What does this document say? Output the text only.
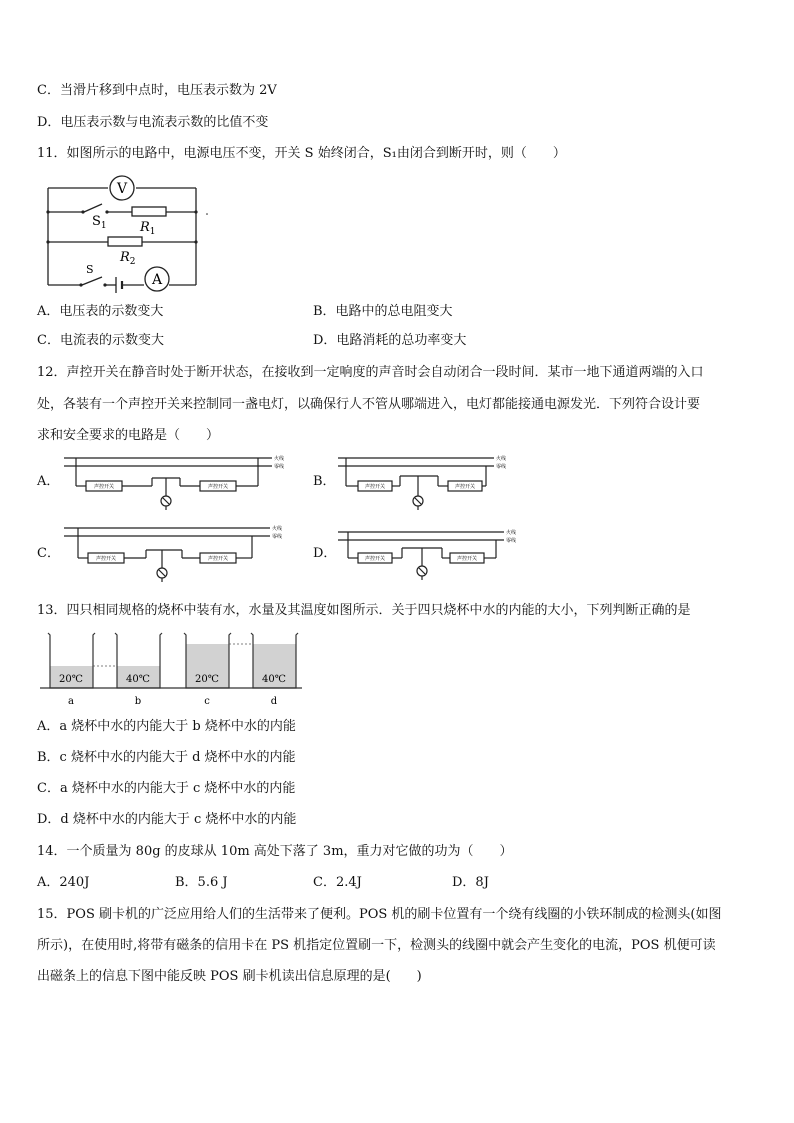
C．当滑片移到中点时，电压表示数为 2V
D．电压表示数与电流表示数的比值不变
11．如图所示的电路中，电源电压不变，开关 S 始终闭合，S₁由闭合到断开时，则（　　）
V
A
$S_1$	$R_1$
$R_2$
S
A．电压表的示数变大	B．电路中的总电阻变大
C．电流表的示数变大	D．电路消耗的总功率变大
12．声控开关在静音时处于断开状态，在接收到一定响度的声音时会自动闭合一段时间．某市一地下通道两端的入口
处，各装有一个声控开关来控制同一盏电灯，以确保行人不管从哪端进入，电灯都能接通电源发光．下列符合设计要
求和安全要求的电路是（　　）
A．
火线
零线
声控开关	声控开关	B．
火线
零线
声控开关	声控开关
C．
火线
零线
声控开关	声控开关	D．
火线
零线
声控开关	声控开关
13．四只相同规格的烧杯中装有水，水量及其温度如图所示．关于四只烧杯中水的内能的大小，下列判断正确的是
20℃	40℃	20℃	40℃
a	b	c	d
A．a 烧杯中水的内能大于 b 烧杯中水的内能
B．c 烧杯中水的内能大于 d 烧杯中水的内能
C．a 烧杯中水的内能大于 c 烧杯中水的内能
D．d 烧杯中水的内能大于 c 烧杯中水的内能
14．一个质量为 80g 的皮球从 10m 高处下落了 3m，重力对它做的功为（　　）
A．240J	B．5.6 J	C．2.4J	D．8J
15．POS 刷卡机的广泛应用给人们的生活带来了便利。POS 机的刷卡位置有一个绕有线圈的小铁环制成的检测头(如图
所示)，在使用时,将带有磁条的信用卡在 PS 机指定位置刷一下，检测头的线圈中就会产生变化的电流，POS 机便可读
出磁条上的信息下图中能反映 POS 刷卡机读出信息原理的是(　　)
